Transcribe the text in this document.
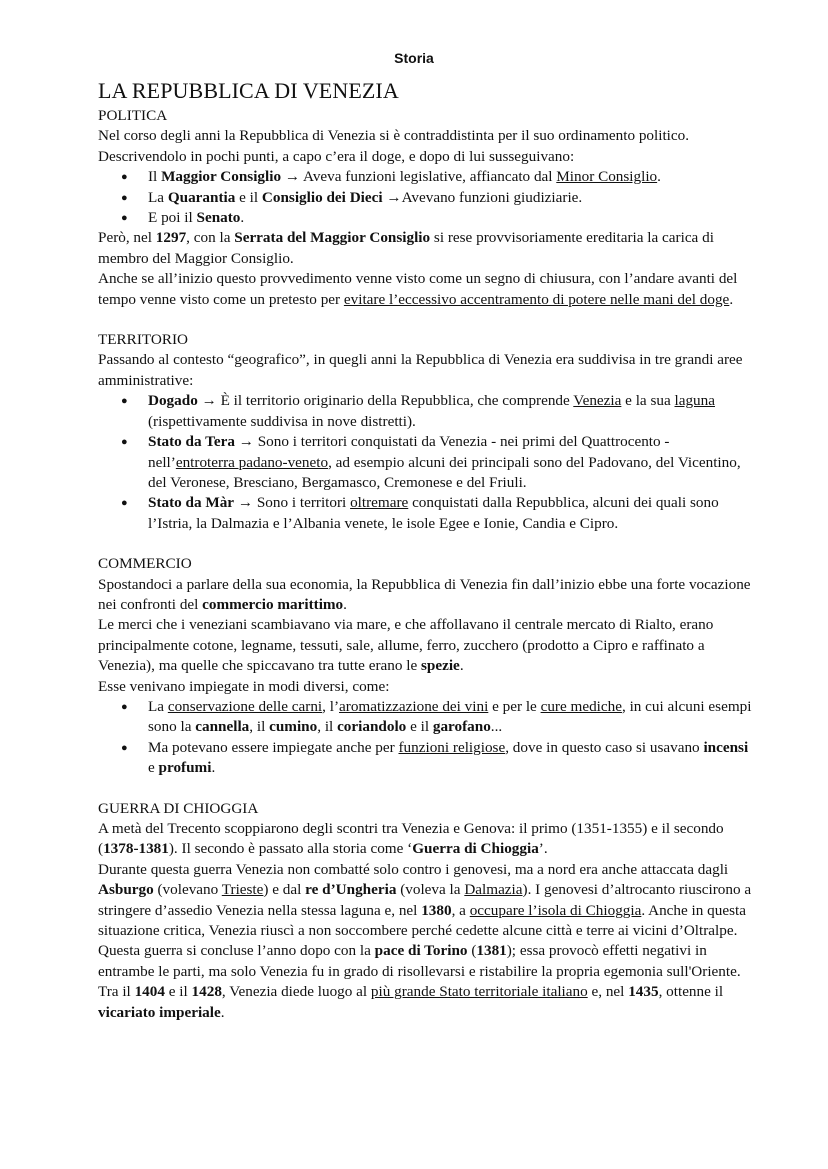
Storia
LA REPUBBLICA DI VENEZIA
POLITICA

Nel corso degli anni la Repubblica di Venezia si è contraddistinta per il suo ordinamento politico. Descrivendolo in pochi punti, a capo c’era il doge, e dopo di lui susseguivano:

● Il Maggior Consiglio → Aveva funzioni legislative, affiancato dal Minor Consiglio.
● La Quarantia e il Consiglio dei Dieci →Avevano funzioni giudiziarie.
● E poi il Senato.

Però, nel 1297, con la Serrata del Maggior Consiglio si rese provvisoriamente ereditaria la carica di membro del Maggior Consiglio.

Anche se all’inizio questo provvedimento venne visto come un segno di chiusura, con l’andare avanti del tempo venne visto come un pretesto per evitare l’eccessivo accentramento di potere nelle mani del doge.

TERRITORIO

Passando al contesto “geografico”, in quegli anni la Repubblica di Venezia era suddivisa in tre grandi aree amministrative:

● Dogado → È il territorio originario della Repubblica, che comprende Venezia e la sua laguna (rispettivamente suddivisa in nove distretti).
● Stato da Tera → Sono i territori conquistati da Venezia - nei primi del Quattrocento - nell’entroterra padano-veneto, ad esempio alcuni dei principali sono del Padovano, del Vicentino, del Veronese, Bresciano, Bergamasco, Cremonese e del Friuli.
● Stato da Màr → Sono i territori oltremare conquistati dalla Repubblica, alcuni dei quali sono l’Istria, la Dalmazia e l’Albania venete, le isole Egee e Ionie, Candia e Cipro.
COMMERCIO

Spostandoci a parlare della sua economia, la Repubblica di Venezia fin dall’inizio ebbe una forte vocazione nei confronti del commercio marittimo.

Le merci che i veneziani scambiavano via mare, e che affollavano il centrale mercato di Rialto, erano principalmente cotone, legname, tessuti, sale, allume, ferro, zucchero (prodotto a Cipro e raffinato a Venezia), ma quelle che spiccavano tra tutte erano le spezie.

Esse venivano impiegate in modi diversi, come:

● La conservazione delle carni, l’aromatizzazione dei vini e per le cure mediche, in cui alcuni esempi sono la cannella, il cumino, il coriandolo e il garofano...
● Ma potevano essere impiegate anche per funzioni religiose, dove in questo caso si usavano incensi e profumi.
GUERRA DI CHIOGGIA

A metà del Trecento scoppiarono degli scontri tra Venezia e Genova: il primo (1351-1355) e il secondo (1378-1381). Il secondo è passato alla storia come ‘Guerra di Chioggia’.

Durante questa guerra Venezia non combatté solo contro i genovesi, ma a nord era anche attaccata dagli Asburgo (volevano Trieste) e dal re d’Ungheria (voleva la Dalmazia). I genovesi d’altrocanto riuscirono a stringere d’assedio Venezia nella stessa laguna e, nel 1380, a occupare l’isola di Chioggia. Anche in questa situazione critica, Venezia riuscì a non soccombere perché cedette alcune città e terre ai vicini d’Oltralpe.

Questa guerra si concluse l’anno dopo con la pace di Torino (1381); essa provocò effetti negativi in entrambe le parti, ma solo Venezia fu in grado di risollevarsi e ristabilire la propria egemonia sull'Oriente.

Tra il 1404 e il 1428, Venezia diede luogo al più grande Stato territoriale italiano e, nel 1435, ottenne il vicariato imperiale.
